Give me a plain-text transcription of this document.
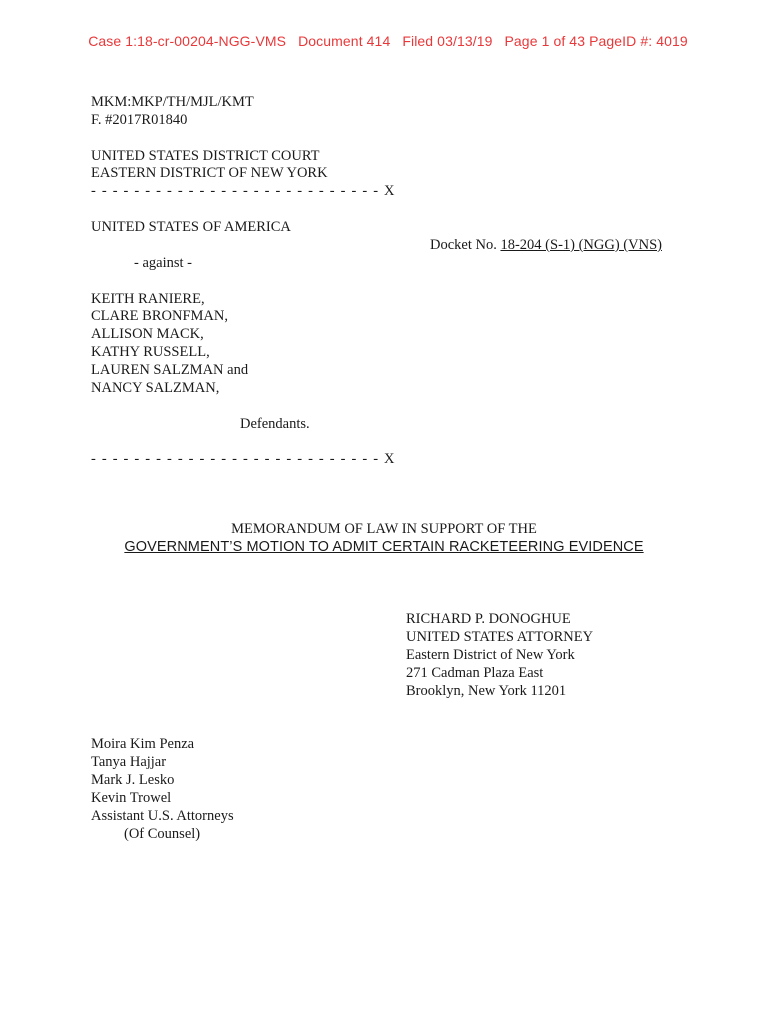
Case 1:18-cr-00204-NGG-VMS Document 414 Filed 03/13/19 Page 1 of 43 PageID #: 4019

MKM:MKP/TH/MJL/KMT
F. #2017R01840
UNITED STATES DISTRICT COURT
EASTERN DISTRICT OF NEW YORK
- - - - - - - - - - - - - - - - - - - - - - - - - - - X
UNITED STATES OF AMERICA
Docket No. 18-204 (S-1) (NGG) (VNS)
- against -
KEITH RANIERE,
CLARE BRONFMAN,
ALLISON MACK,
KATHY RUSSELL,
LAUREN SALZMAN and
NANCY SALZMAN,
Defendants.
- - - - - - - - - - - - - - - - - - - - - - - - - - - X
MEMORANDUM OF LAW IN SUPPORT OF THE
GOVERNMENT’S MOTION TO ADMIT CERTAIN RACKETEERING EVIDENCE
RICHARD P. DONOGHUE
UNITED STATES ATTORNEY
Eastern District of New York
271 Cadman Plaza East
Brooklyn, New York 11201
Moira Kim Penza
Tanya Hajjar
Mark J. Lesko
Kevin Trowel
Assistant U.S. Attorneys
(Of Counsel)
